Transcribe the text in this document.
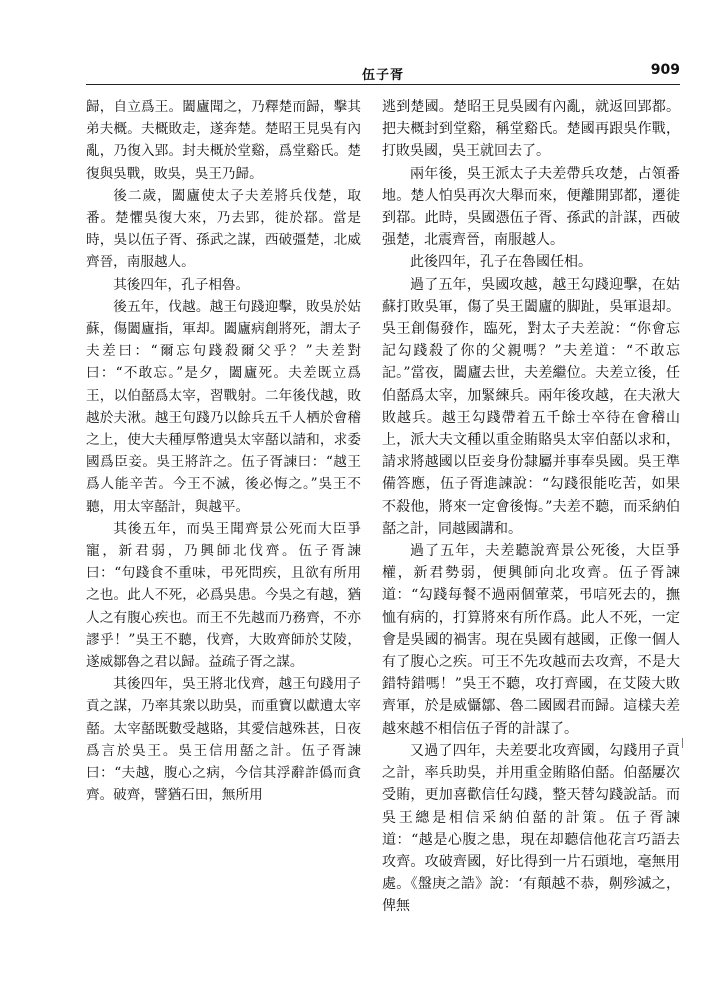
伍子胥	909

歸，自立爲王。闔廬聞之，乃釋楚而歸，擊其弟夫概。夫概敗走，遂奔楚。楚昭王見吳有內亂，乃復入郢。封夫概於堂谿，爲堂谿氏。楚復與吳戰，敗吳，吳王乃歸。

後二歲，闔廬使太子夫差將兵伐楚，取番。楚懼吳復大來，乃去郢，徙於鄀。當是時，吳以伍子胥、孫武之謀，西破彊楚，北威齊晉，南服越人。

其後四年，孔子相魯。

後五年，伐越。越王句踐迎擊，敗吳於姑蘇，傷闔廬指，軍却。闔廬病創將死，謂太子夫差曰：“爾忘句踐殺爾父乎？”夫差對曰：“不敢忘。”是夕，闔廬死。夫差既立爲王，以伯嚭爲太宰，習戰射。二年後伐越，敗越於夫湫。越王句踐乃以餘兵五千人栖於會稽之上，使大夫種厚幣遺吳太宰嚭以請和，求委國爲臣妾。吳王將許之。伍子胥諫曰：“越王爲人能辛苦。今王不滅，後必悔之。”吳王不聽，用太宰嚭計，與越平。

其後五年，而吳王聞齊景公死而大臣爭寵，新君弱，乃興師北伐齊。伍子胥諫曰：“句踐食不重味，弔死問疾，且欲有所用之也。此人不死，必爲吳患。今吳之有越，猶人之有腹心疾也。而王不先越而乃務齊，不亦謬乎！”吳王不聽，伐齊，大敗齊師於艾陵，遂威鄒魯之君以歸。益疏子胥之謀。

其後四年，吳王將北伐齊，越王句踐用子貢之謀，乃率其衆以助吳，而重寶以獻遺太宰嚭。太宰嚭既數受越賂，其愛信越殊甚，日夜爲言於吳王。吳王信用嚭之計。伍子胥諫曰：“夫越，腹心之病，今信其浮辭詐僞而貪齊。破齊，譬猶石田，無所用

逃到楚國。楚昭王見吳國有內亂，就返回郢都。把夫概封到堂谿，稱堂谿氏。楚國再跟吳作戰，打敗吳國，吳王就回去了。

兩年後，吳王派太子夫差帶兵攻楚，占領番地。楚人怕吳再次大舉而來，便離開郢都，遷徙到鄀。此時，吳國憑伍子胥、孫武的計謀，西破强楚，北震齊晉，南服越人。

此後四年，孔子在魯國任相。

過了五年，吳國攻越，越王勾踐迎擊，在姑蘇打敗吳軍，傷了吳王闔廬的脚趾，吳軍退却。吳王創傷發作，臨死，對太子夫差說：“你會忘記勾踐殺了你的父親嗎？”夫差道：“不敢忘記。”當夜，闔廬去世，夫差繼位。夫差立後，任伯嚭爲太宰，加緊練兵。兩年後攻越，在夫湫大敗越兵。越王勾踐帶着五千餘士卒待在會稽山上，派大夫文種以重金賄賂吳太宰伯嚭以求和，請求將越國以臣妾身份隸屬并事奉吳國。吳王準備答應，伍子胥進諫說：“勾踐很能吃苦，如果不殺他，將來一定會後悔。”夫差不聽，而采納伯嚭之計，同越國講和。

過了五年，夫差聽說齊景公死後，大臣爭權，新君勢弱，便興師向北攻齊。伍子胥諫道：“勾踐每餐不過兩個葷菜，弔唁死去的，撫恤有病的，打算將來有所作爲。此人不死，一定會是吳國的禍害。現在吳國有越國，正像一個人有了腹心之疾。可王不先攻越而去攻齊，不是大錯特錯嗎！”吳王不聽，攻打齊國，在艾陵大敗齊軍，於是威懾鄒、魯二國國君而歸。這樣夫差越來越不相信伍子胥的計謀了。

又過了四年，夫差要北攻齊國，勾踐用子貢之計，率兵助吳，并用重金賄賂伯嚭。伯嚭屢次受賄，更加喜歡信任勾踐，整天替勾踐說話。而吳王總是相信采納伯嚭的計策。伍子胥諫道：“越是心腹之患，現在却聽信他花言巧語去攻齊。攻破齊國，好比得到一片石頭地，毫無用處。《盤庚之誥》說：‘有顛越不恭，劓殄滅之，俾無
